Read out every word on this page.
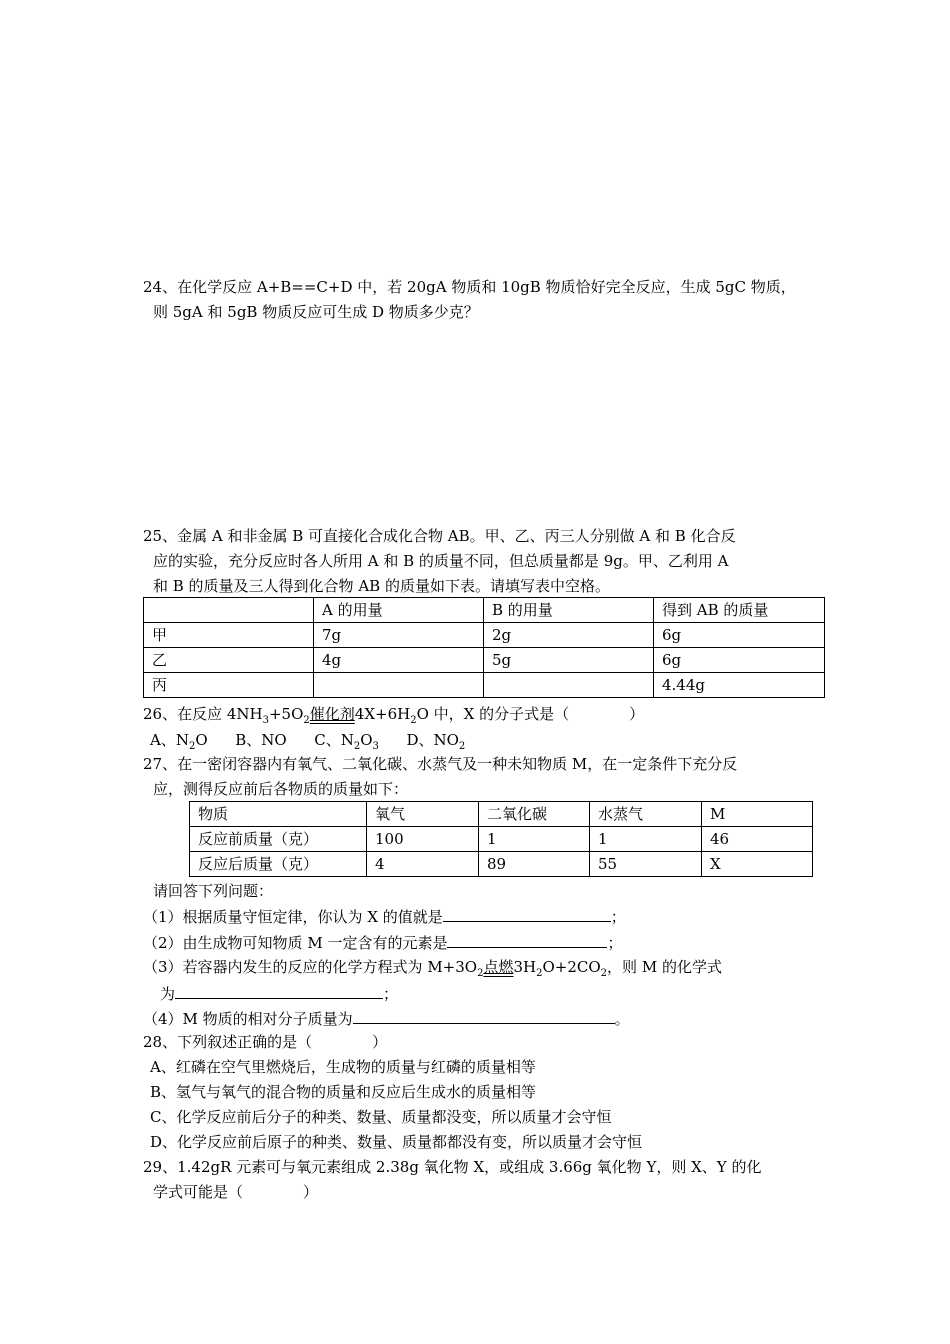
24、在化学反应 A+B==C+D 中，若 20gA 物质和 10gB 物质恰好完全反应，生成 5gC 物质，
则 5gA 和 5gB 物质反应可生成 D 物质多少克？
25、金属 A 和非金属 B 可直接化合成化合物 AB。甲、乙、丙三人分别做 A 和 B 化合反
应的实验，充分反应时各人所用 A 和 B 的质量不同，但总质量都是 9g。甲、乙利用 A
和 B 的质量及三人得到化合物 AB 的质量如下表。请填写表中空格。
	A 的用量	B 的用量	得到 AB 的质量
甲	7g	2g	6g
乙	4g	5g	6g
丙			4.44g
26、在反应 $4NH_3+5O_2$催化剂$4X+6H_2O$ 中，X 的分子式是（　　　　）
A、$N_2O$ B、NO C、$N_2O_3$ D、$NO_2$
27、在一密闭容器内有氧气、二氧化碳、水蒸气及一种未知物质 M，在一定条件下充分反
应，测得反应前后各物质的质量如下：
物质	氧气	二氧化碳	水蒸气	M
反应前质量（克）	100	1	1	46
反应后质量（克）	4	89	55	X
请回答下列问题：
（1）根据质量守恒定律，你认为 X 的值就是	；
（2）由生成物可知物质 M 一定含有的元素是	；
（3）若容器内发生的反应的化学方程式为 $M+3O_2$点燃$3H_2O+2CO_2$，则 M 的化学式
为	；
（4）M 物质的相对分子质量为	。
28、下列叙述正确的是（　　　　）
A、红磷在空气里燃烧后，生成物的质量与红磷的质量相等
B、氢气与氧气的混合物的质量和反应后生成水的质量相等
C、化学反应前后分子的种类、数量、质量都没变，所以质量才会守恒
D、化学反应前后原子的种类、数量、质量都都没有变，所以质量才会守恒
29、1.42gR 元素可与氧元素组成 2.38g 氧化物 X，或组成 3.66g 氧化物 Y，则 X、Y 的化
学式可能是（　　　　）
